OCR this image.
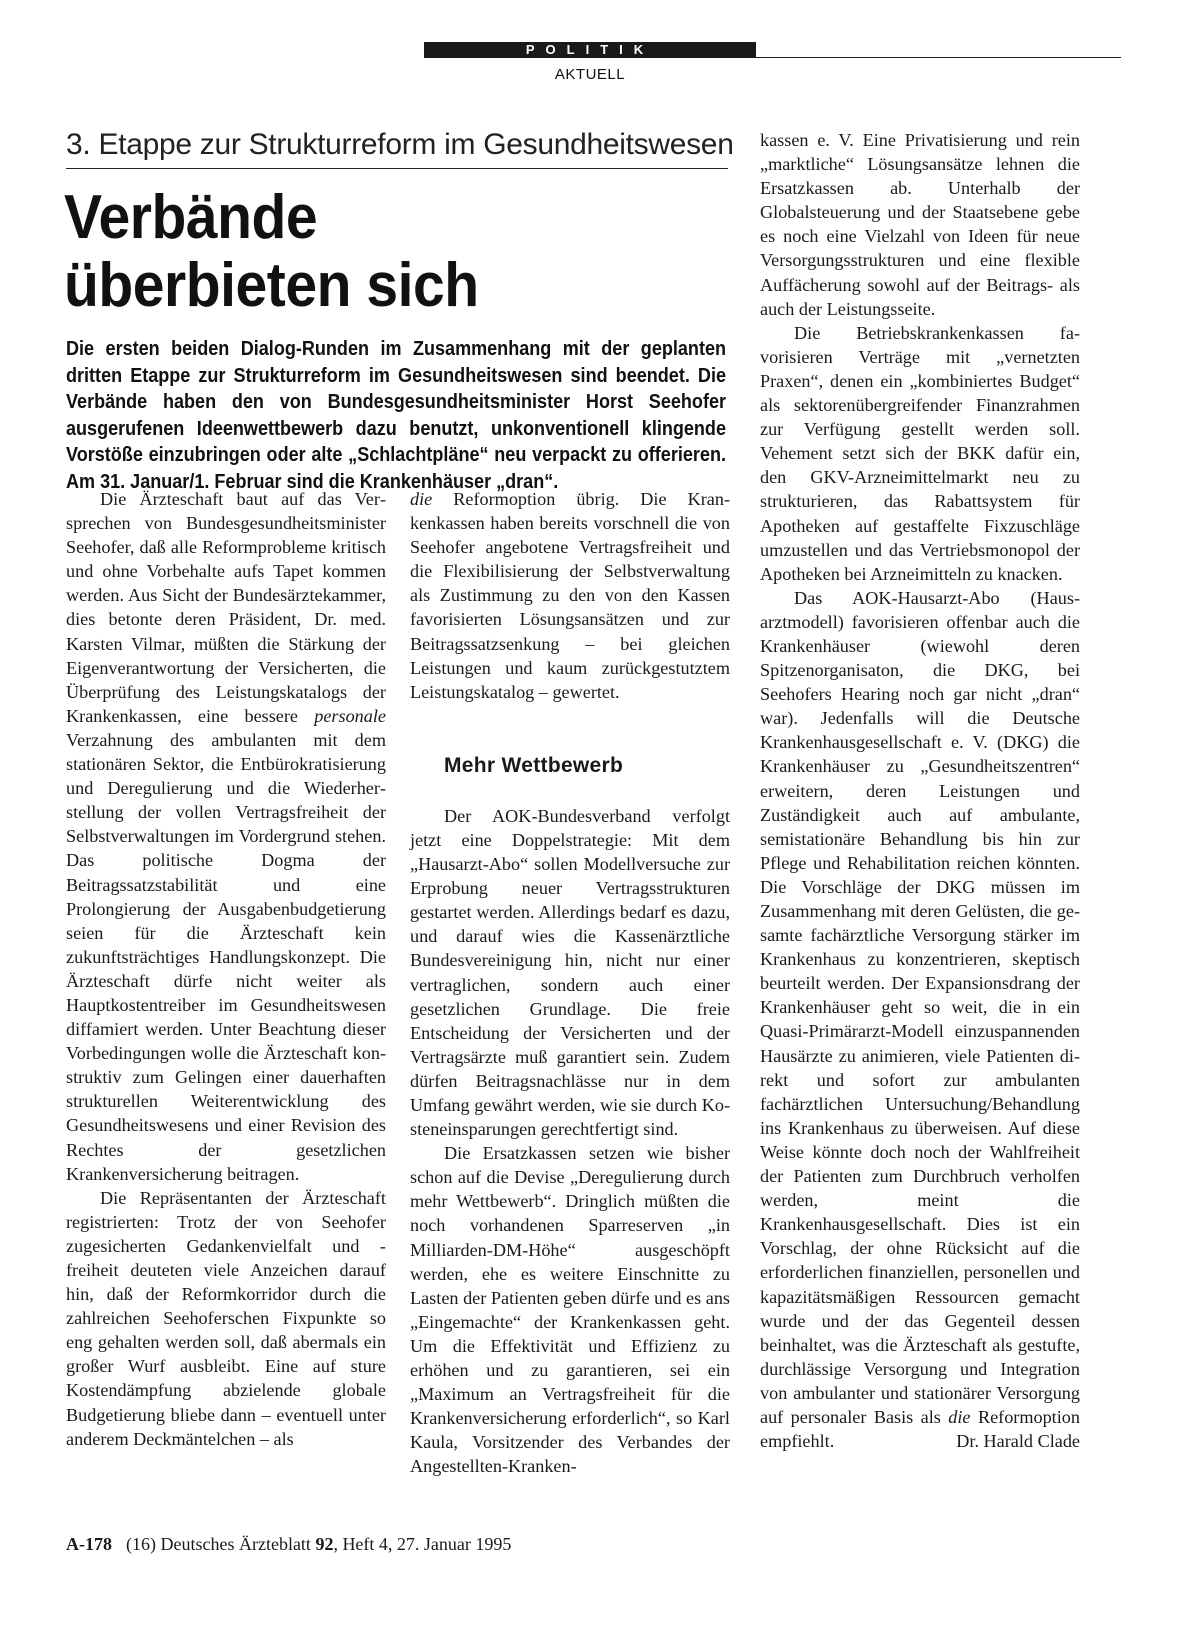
POLITIK
AKTUELL
3. Etappe zur Strukturreform im Gesundheitswesen
Verbände
überbieten sich
Die ersten beiden Dialog-Runden im Zusammenhang mit der geplanten dritten Etappe zur Strukturreform im Gesundheitswesen sind beendet. Die Verbände haben den von Bundesgesundheitsminister Horst Seehofer ausgerufenen Ideenwettbewerb dazu benutzt, unkonventionell klingende Vorstöße einzubringen oder alte „Schlachtpläne“ neu verpackt zu offerieren. Am 31. Januar/1. Februar sind die Krankenhäuser „dran“.

Die Ärzteschaft baut auf das Versprechen von Bundesgesundheitsminister Seehofer, daß alle Reformprobleme kritisch und ohne Vorbehalte aufs Tapet kommen werden. Aus Sicht der Bundesärztekammer, dies betonte deren Präsident, Dr. med. Karsten Vilmar, müßten die Stärkung der Eigenverantwortung der Versicherten, die Überprüfung des Leistungskatalogs der Krankenkassen, eine bessere personale Verzahnung des ambulanten mit dem stationären Sektor, die Entbürokratisierung und Deregulierung und die Wiederherstellung der vollen Vertragsfreiheit der Selbstverwaltungen im Vordergrund stehen. Das politische Dogma der Beitragssatzstabilität und eine Prolongierung der Ausgabenbudgetierung seien für die Ärzteschaft kein zukunftsträchtiges Handlungskonzept. Die Ärzteschaft dürfe nicht weiter als Hauptkostentreiber im Gesundheitswesen diffamiert werden. Unter Beachtung dieser Vorbedingungen wolle die Ärzteschaft konstruktiv zum Gelingen einer dauerhaften strukturellen Weiterentwicklung des Gesundheitswesens und einer Revision des Rechtes der gesetzlichen Krankenversicherung beitragen.

Die Repräsentanten der Ärzteschaft registrierten: Trotz der von Seehofer zugesicherten Gedankenvielfalt und -freiheit deuteten viele Anzeichen darauf hin, daß der Reformkorridor durch die zahlreichen Seehoferschen Fixpunkte so eng gehalten werden soll, daß abermals ein großer Wurf ausbleibt. Eine auf sture Kostendämpfung abzielende globale Budgetierung bliebe dann – eventuell unter anderem Deckmäntelchen – als

die Reformoption übrig. Die Krankenkassen haben bereits vorschnell die von Seehofer angebotene Vertragsfreiheit und die Flexibilisierung der Selbstverwaltung als Zustimmung zu den von den Kassen favorisierten Lösungsansätzen und zur Beitragssatzsenkung – bei gleichen Leistungen und kaum zurückgestutztem Leistungskatalog – gewertet.

Mehr Wettbewerb

Der AOK-Bundesverband verfolgt jetzt eine Doppelstrategie: Mit dem „Hausarzt-Abo“ sollen Modellversuche zur Erprobung neuer Vertragsstrukturen gestartet werden. Allerdings bedarf es dazu, und darauf wies die Kassenärztliche Bundesvereinigung hin, nicht nur einer vertraglichen, sondern auch einer gesetzlichen Grundlage. Die freie Entscheidung der Versicherten und der Vertragsärzte muß garantiert sein. Zudem dürfen Beitragsnachlässe nur in dem Umfang gewährt werden, wie sie durch Kosteneinsparungen gerechtfertigt sind.

Die Ersatzkassen setzen wie bisher schon auf die Devise „Deregulierung durch mehr Wettbewerb“. Dringlich müßten die noch vorhandenen Sparreserven „in Milliarden-DM-Höhe“ ausgeschöpft werden, ehe es weitere Einschnitte zu Lasten der Patienten geben dürfe und es ans „Eingemachte“ der Krankenkassen geht. Um die Effektivität und Effizienz zu erhöhen und zu garantieren, sei ein „Maximum an Vertragsfreiheit für die Krankenversicherung erforderlich“, so Karl Kaula, Vorsitzender des Verbandes der Angestellten-Kranken-

kassen e. V. Eine Privatisierung und rein „marktliche“ Lösungsansätze lehnen die Ersatzkassen ab. Unterhalb der Globalsteuerung und der Staatsebene gebe es noch eine Vielzahl von Ideen für neue Versorgungsstrukturen und eine flexible Auffächerung sowohl auf der Beitrags- als auch der Leistungsseite.

Die Betriebskrankenkassen favorisieren Verträge mit „vernetzten Praxen“, denen ein „kombiniertes Budget“ als sektorenübergreifender Finanzrahmen zur Verfügung gestellt werden soll. Vehement setzt sich der BKK dafür ein, den GKV-Arzneimittelmarkt neu zu strukturieren, das Rabattsystem für Apotheken auf gestaffelte Fixzuschläge umzustellen und das Vertriebsmonopol der Apotheken bei Arzneimitteln zu knacken.

Das AOK-Hausarzt-Abo (Hausarztmodell) favorisieren offenbar auch die Krankenhäuser (wiewohl deren Spitzenorganisaton, die DKG, bei Seehofers Hearing noch gar nicht „dran“ war). Jedenfalls will die Deutsche Krankenhausgesellschaft e. V. (DKG) die Krankenhäuser zu „Gesundheitszentren“ erweitern, deren Leistungen und Zuständigkeit auch auf ambulante, semistationäre Behandlung bis hin zur Pflege und Rehabilitation reichen könnten. Die Vorschläge der DKG müssen im Zusammenhang mit deren Gelüsten, die gesamte fachärztliche Versorgung stärker im Krankenhaus zu konzentrieren, skeptisch beurteilt werden. Der Expansionsdrang der Krankenhäuser geht so weit, die in ein Quasi-Primärarzt-Modell einzuspannenden Hausärzte zu animieren, viele Patienten direkt und sofort zur ambulanten fachärztlichen Untersuchung/Behandlung ins Krankenhaus zu überweisen. Auf diese Weise könnte doch noch der Wahlfreiheit der Patienten zum Durchbruch verholfen werden, meint die Krankenhausgesellschaft. Dies ist ein Vorschlag, der ohne Rücksicht auf die erforderlichen finanziellen, personellen und kapazitätsmäßigen Ressourcen gemacht wurde und der das Gegenteil dessen beinhaltet, was die Ärzteschaft als gestufte, durchlässige Versorgung und Integration von ambulanter und stationärer Versorgung auf personaler Basis als die Reformoption empfiehlt.	Dr. Harald Clade

A-178 (16) Deutsches Ärzteblatt 92, Heft 4, 27. Januar 1995
